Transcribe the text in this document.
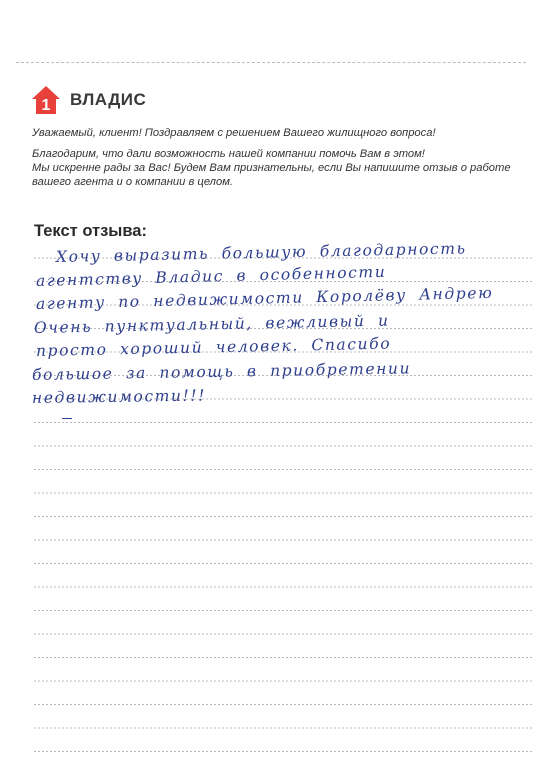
1 ВЛАДИС

Уважаемый, клиент! Поздравляем с решением Вашего жилищного вопроса!

Благодарим, что дали возможность нашей компании помочь Вам в этом!
Мы искренне рады за Вас! Будем Вам признательны, если Вы напишите отзыв о работе
вашего агента и о компании в целом.

Текст отзыва:
Хочу выразить большую благодарность
агентству Владис в особенности
агенту по недвижимости Королёву Андрею
Очень пунктуальный, вежливый и
просто хороший человек. Спасибо
большое за помощь в приобретении
недвижимости!!!
